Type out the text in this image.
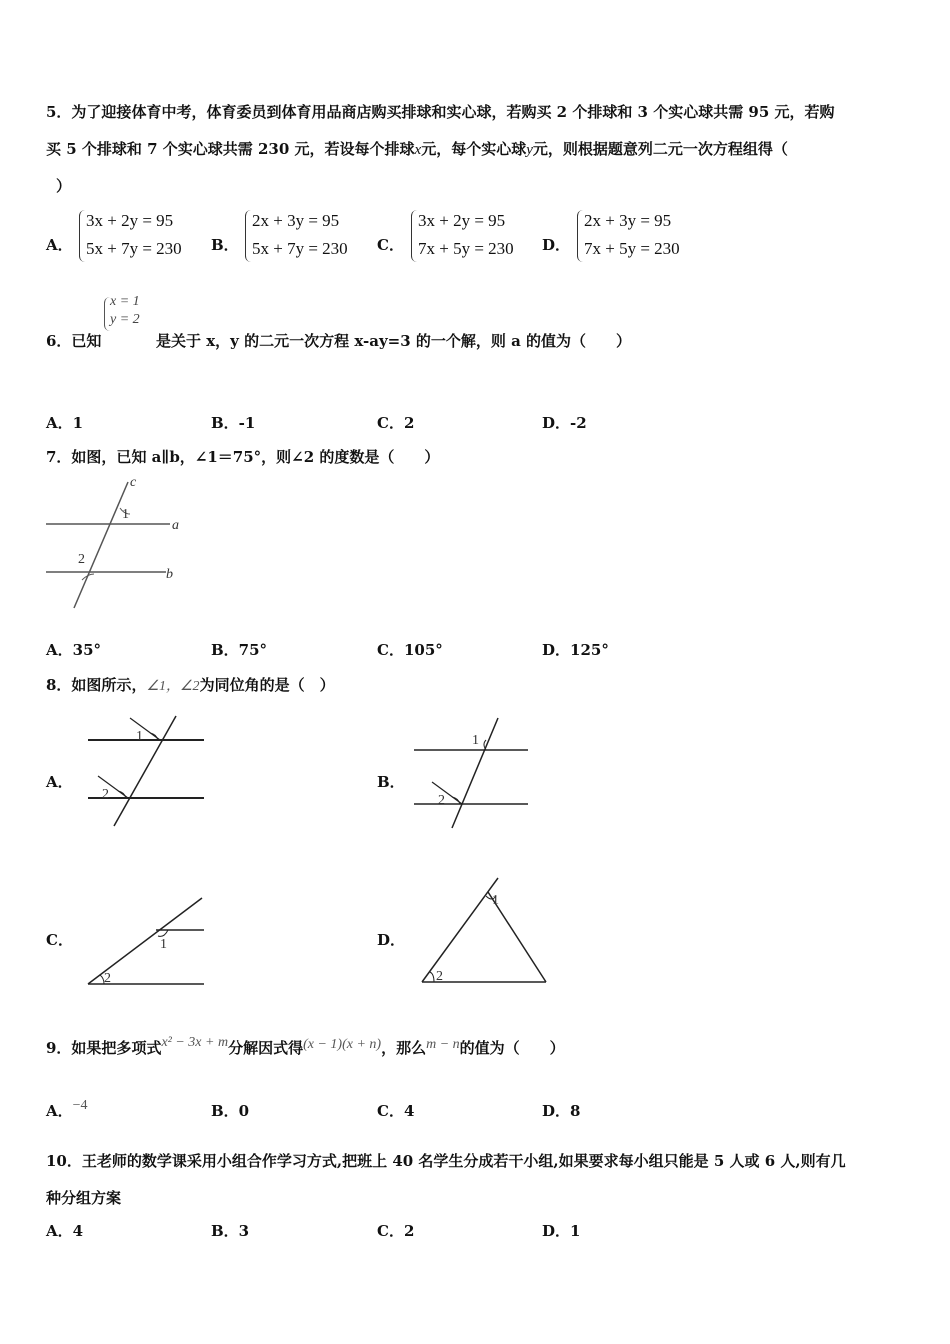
5．为了迎接体育中考，体育委员到体育用品商店购买排球和实心球，若购买 2 个排球和 3 个实心球共需 95 元，若购
买 5 个排球和 7 个实心球共需 230 元，若设每个排球x元，每个实心球y元，则根据题意列二元一次方程组得（
）
A．
3x + 2y = 95
5x + 7y = 230 B．
2x + 3y = 95
5x + 7y = 230 C．
3x + 2y = 95
7x + 5y = 230 D．
2x + 3y = 95
7x + 5y = 230
x = 1
y = 2
6．已知	是关于 x，y 的二元一次方程 x-ay=3 的一个解，则 a 的值为（　　）
A．1	B．-1	C．2	D．-2
7．如图，已知 a∥b，∠1＝75°，则∠2 的度数是（　　）
c
1
a
2
b
A．35°	B．75°	C．105°	D．125°
8．如图所示，∠1，∠2为同位角的是（　）
A．
1
2
B．
1
2
C．	1
2
D．
1
2
9．如果把多项式x² − 3x + m分解因式得(x − 1)(x + n)，那么m − n的值为（　　）
A．−4	B．0	C．4	D．8
10．王老师的数学课采用小组合作学习方式,把班上 40 名学生分成若干小组,如果要求每小组只能是 5 人或 6 人,则有几
种分组方案
A．4	B．3	C．2	D．1
